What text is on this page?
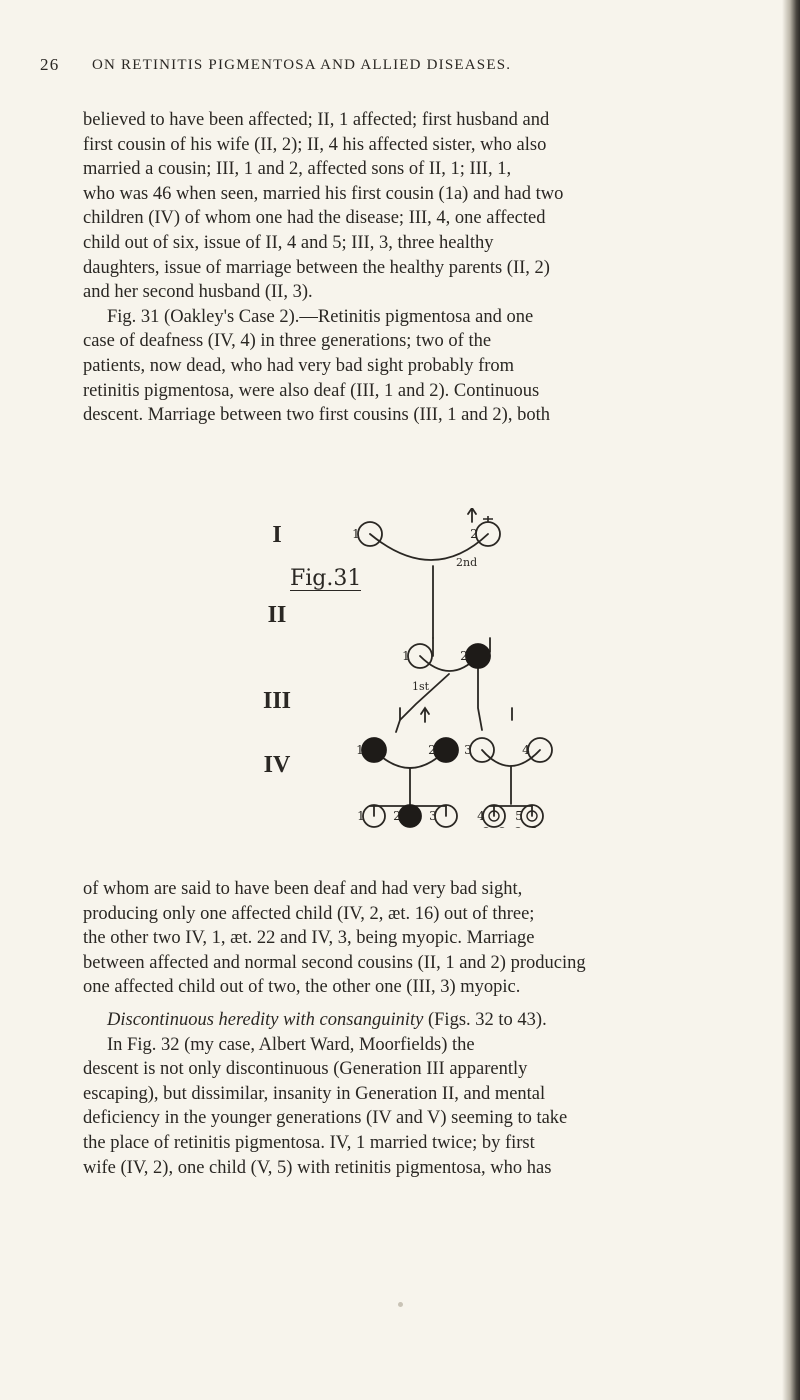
26 ON RETINITIS PIGMENTOSA AND ALLIED DISEASES.

believed to have been affected; II, 1 affected; first husband and

first cousin of his wife (II, 2); II, 4 his affected sister, who also

married a cousin; III, 1 and 2, affected sons of II, 1; III, 1,

who was 46 when seen, married his first cousin (1a) and had two

children (IV) of whom one had the disease; III, 4, one affected

child out of six, issue of II, 4 and 5; III, 3, three healthy

daughters, issue of marriage between the healthy parents (II, 2)

and her second husband (II, 3).

Fig. 31 (Oakley's Case 2).—Retinitis pigmentosa and one

case of deafness (IV, 4) in three generations; two of the

patients, now dead, who had very bad sight probably from

retinitis pigmentosa, were also deaf (III, 1 and 2). Continuous

descent. Marriage between two first cousins (III, 1 and 2), both

I
II
III
IV
Fig.31
2nd
1st
1	2
1	2
1	2 3	4
1 2 3	4	5

of whom are said to have been deaf and had very bad sight,

producing only one affected child (IV, 2, æt. 16) out of three;

the other two IV, 1, æt. 22 and IV, 3, being myopic. Marriage

between affected and normal second cousins (II, 1 and 2) producing

one affected child out of two, the other one (III, 3) myopic.

Discontinuous heredity with consanguinity (Figs. 32 to 43).

In Fig. 32 (my case, Albert Ward, Moorfields) the

descent is not only discontinuous (Generation III apparently

escaping), but dissimilar, insanity in Generation II, and mental

deficiency in the younger generations (IV and V) seeming to take

the place of retinitis pigmentosa. IV, 1 married twice; by first

wife (IV, 2), one child (V, 5) with retinitis pigmentosa, who has
